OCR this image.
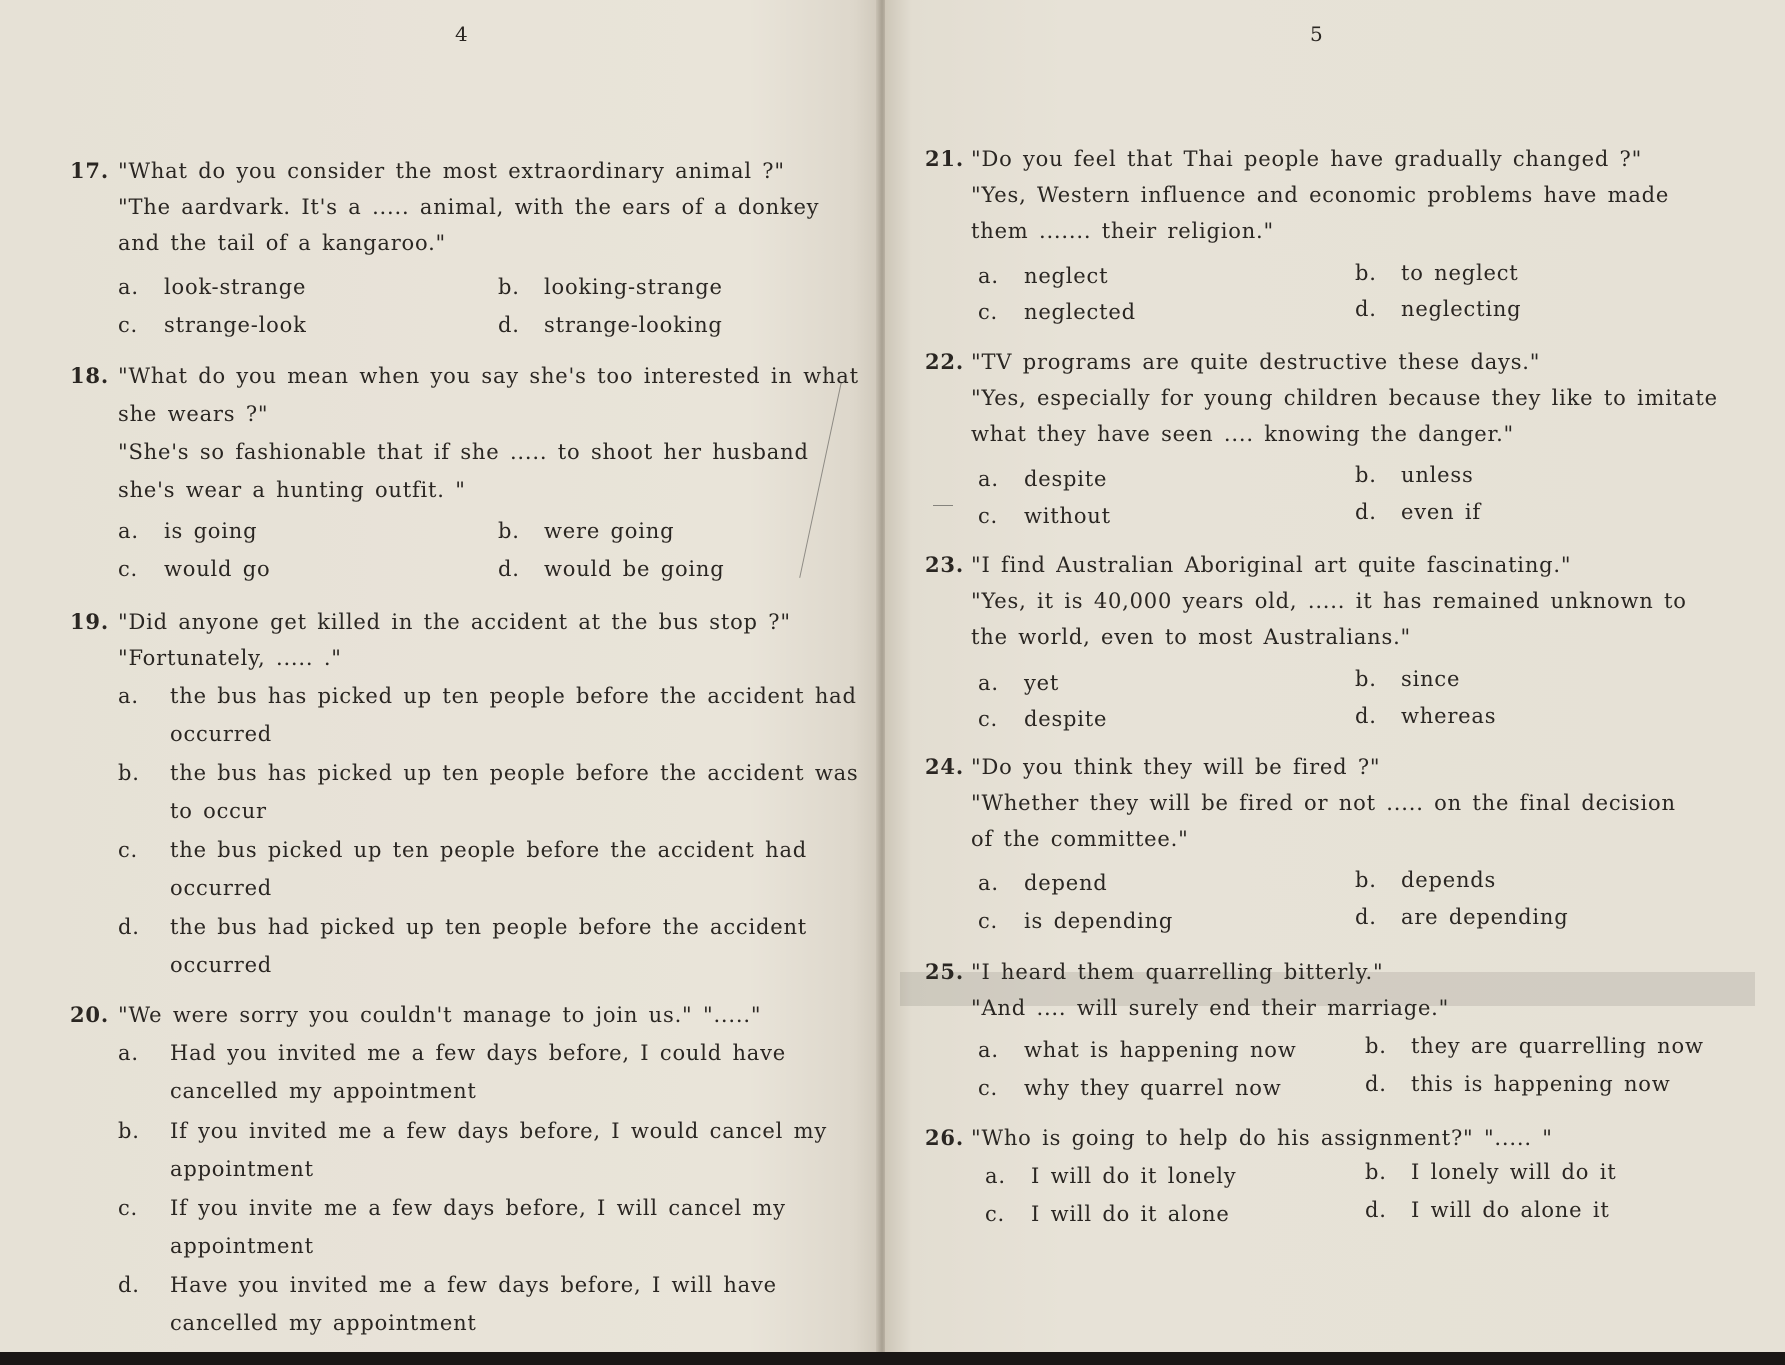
4
17. "What do you consider the most extraordinary animal ?"
"The aardvark. It's a ..... animal, with the ears of a donkey
and the tail of a kangaroo."
a. look-strange	b. looking-strange
c. strange-look	d. strange-looking
18. "What do you mean when you say she's too interested in what
she wears ?"
"She's so fashionable that if she ..... to shoot her husband
she's wear a hunting outfit. "
a. is going	b. were going
c. would go	d. would be going
19. "Did anyone get killed in the accident at the bus stop ?"
"Fortunately, ..... ."
a. the bus has picked up ten people before the accident had
occurred
b. the bus has picked up ten people before the accident was
to occur
c. the bus picked up ten people before the accident had
occurred
d. the bus had picked up ten people before the accident
occurred
20. "We were sorry you couldn't manage to join us." "....."
a. Had you invited me a few days before, I could have
cancelled my appointment
b. If you invited me a few days before, I would cancel my
appointment
c. If you invite me a few days before, I will cancel my
appointment
d. Have you invited me a few days before, I will have
cancelled my appointment
5
21. "Do you feel that Thai people have gradually changed ?"
"Yes, Western influence and economic problems have made
them ....... their religion."
a. neglect	b. to neglect
c. neglected	d. neglecting
22. "TV programs are quite destructive these days."
"Yes, especially for young children because they like to imitate
what they have seen .... knowing the danger."
a. despite	b. unless
c. without	d. even if
23. "I find Australian Aboriginal art quite fascinating."
"Yes, it is 40,000 years old, ..... it has remained unknown to
the world, even to most Australians."
a. yet	b. since
c. despite	d. whereas
24. "Do you think they will be fired ?"
"Whether they will be fired or not ..... on the final decision
of the committee."
a. depend	b. depends
c. is depending	d. are depending
25. "I heard them quarrelling bitterly."
"And .... will surely end their marriage."
a. what is happening now	b. they are quarrelling now
c. why they quarrel now	d. this is happening now
26. "Who is going to help do his assignment?" "..... "
a. I will do it lonely	b. I lonely will do it
c. I will do it alone	d. I will do alone it
